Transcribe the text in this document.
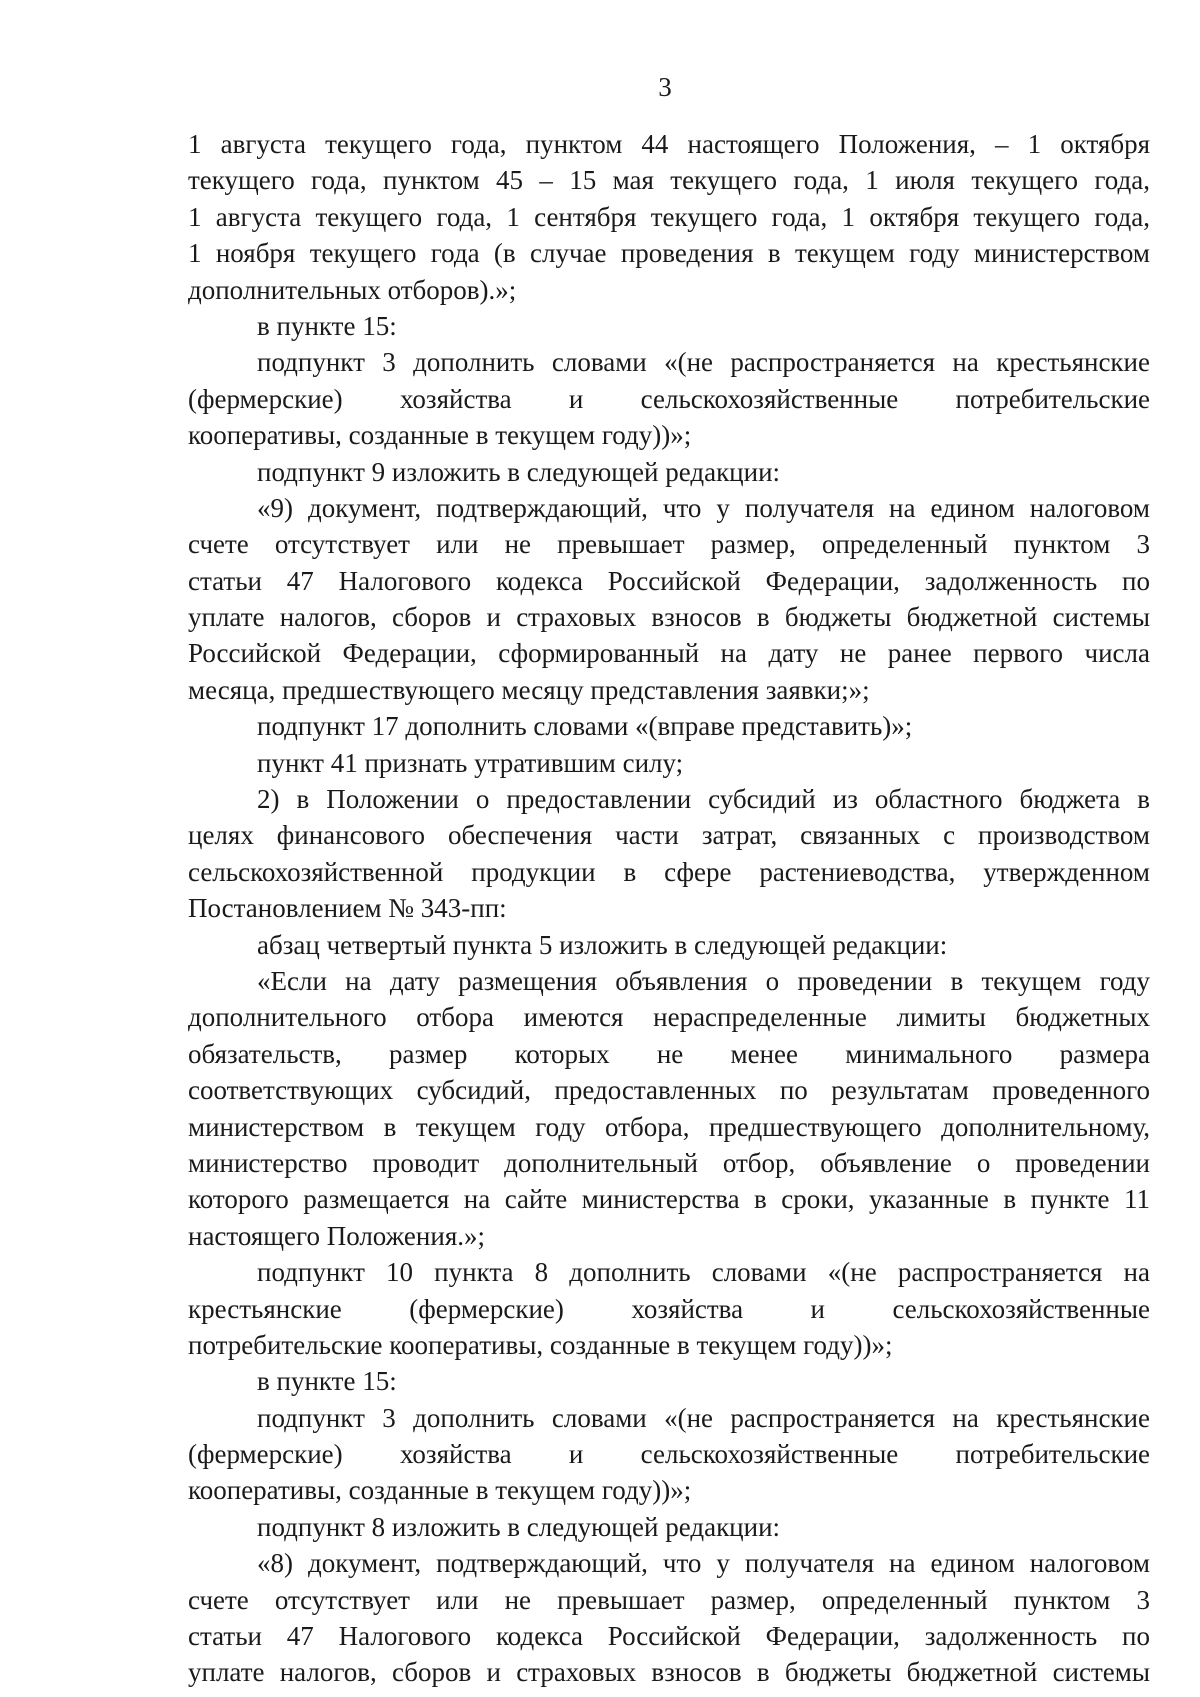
3
1 августа текущего года, пунктом 44 настоящего Положения, – 1 октября
текущего года, пунктом 45 – 15 мая текущего года, 1 июля текущего года,
1 августа текущего года, 1 сентября текущего года, 1 октября текущего года,
1 ноября текущего года (в случае проведения в текущем году министерством
дополнительных отборов).»;
в пункте 15:
подпункт 3 дополнить словами «(не распространяется на крестьянские
(фермерские) хозяйства и сельскохозяйственные потребительские
кооперативы, созданные в текущем году))»;
подпункт 9 изложить в следующей редакции:
«9) документ, подтверждающий, что у получателя на едином налоговом
счете отсутствует или не превышает размер, определенный пунктом 3
статьи 47 Налогового кодекса Российской Федерации, задолженность по
уплате налогов, сборов и страховых взносов в бюджеты бюджетной системы
Российской Федерации, сформированный на дату не ранее первого числа
месяца, предшествующего месяцу представления заявки;»;
подпункт 17 дополнить словами «(вправе представить)»;
пункт 41 признать утратившим силу;
2) в Положении о предоставлении субсидий из областного бюджета в
целях финансового обеспечения части затрат, связанных с производством
сельскохозяйственной продукции в сфере растениеводства, утвержденном
Постановлением № 343-пп:
абзац четвертый пункта 5 изложить в следующей редакции:
«Если на дату размещения объявления о проведении в текущем году
дополнительного отбора имеются нераспределенные лимиты бюджетных
обязательств, размер которых не менее минимального размера
соответствующих субсидий, предоставленных по результатам проведенного
министерством в текущем году отбора, предшествующего дополнительному,
министерство проводит дополнительный отбор, объявление о проведении
которого размещается на сайте министерства в сроки, указанные в пункте 11
настоящего Положения.»;
подпункт 10 пункта 8 дополнить словами «(не распространяется на
крестьянские (фермерские) хозяйства и сельскохозяйственные
потребительские кооперативы, созданные в текущем году))»;
в пункте 15:
подпункт 3 дополнить словами «(не распространяется на крестьянские
(фермерские) хозяйства и сельскохозяйственные потребительские
кооперативы, созданные в текущем году))»;
подпункт 8 изложить в следующей редакции:
«8) документ, подтверждающий, что у получателя на едином налоговом
счете отсутствует или не превышает размер, определенный пунктом 3
статьи 47 Налогового кодекса Российской Федерации, задолженность по
уплате налогов, сборов и страховых взносов в бюджеты бюджетной системы
